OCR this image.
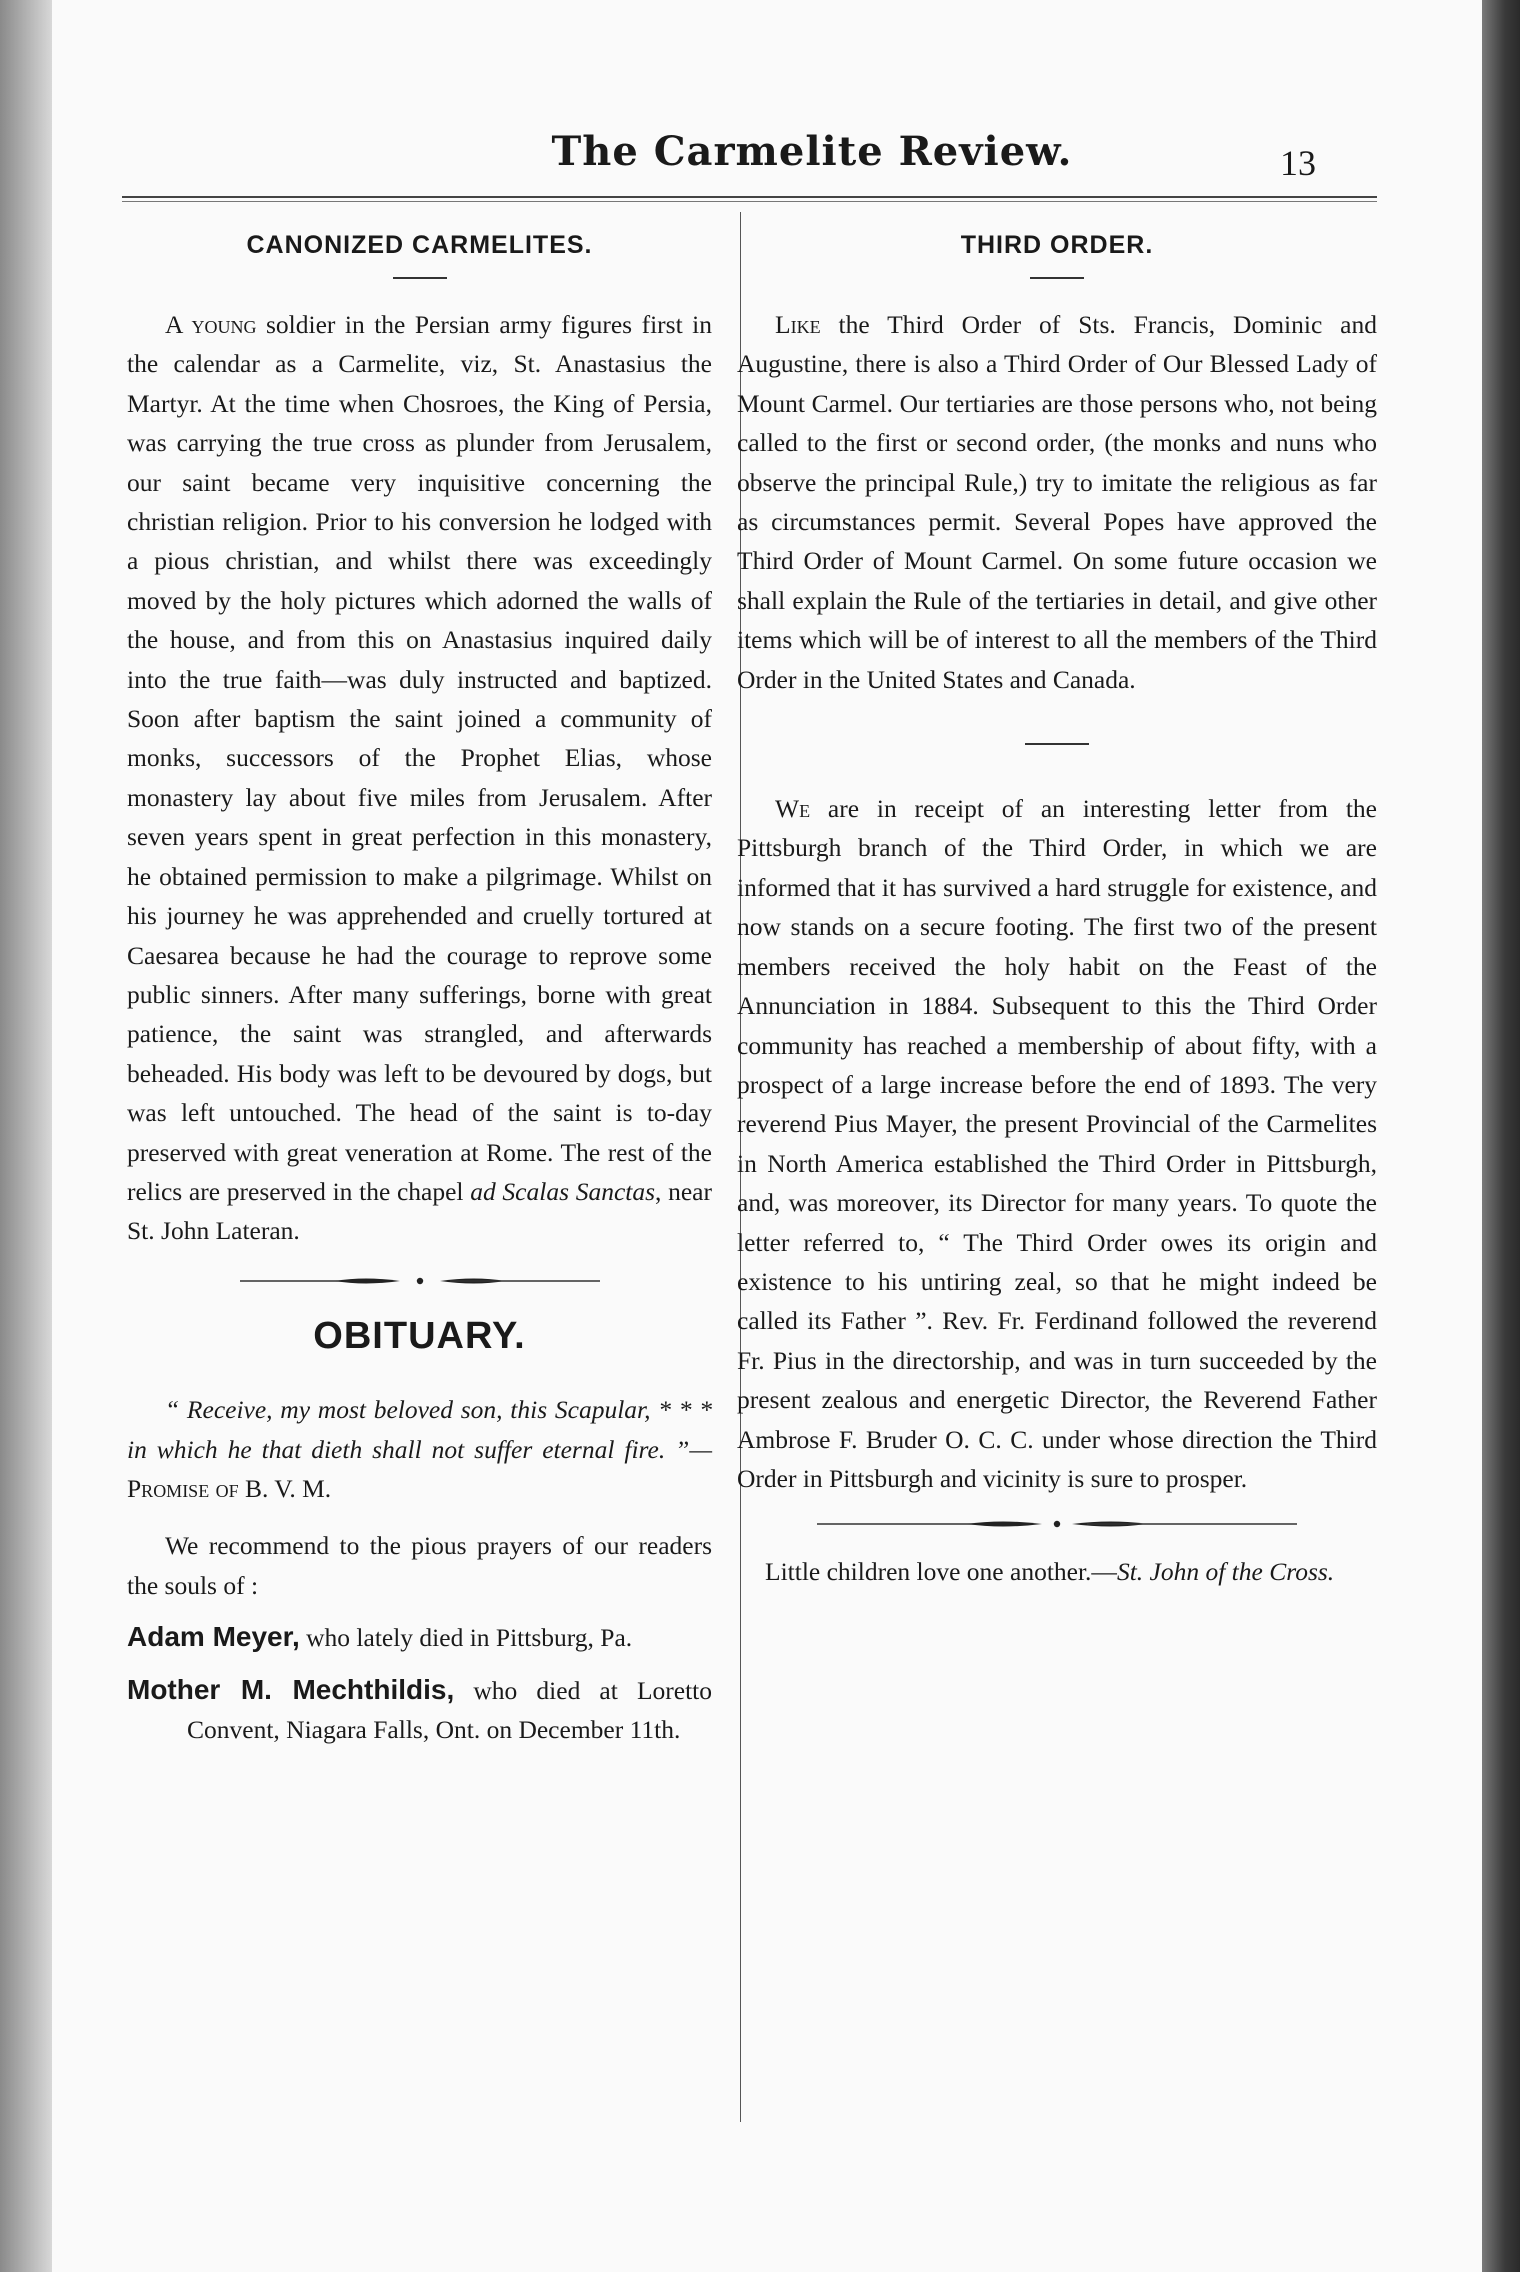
The Carmelite Review.	13
CANONIZED CARMELITES.

A young soldier in the Persian army figures first in the calendar as a Carmelite, viz, St. Anastasius the Martyr. At the time when Chosroes, the King of Persia, was carrying the true cross as plunder from Jerusalem, our saint became very inquisitive concerning the christian religion. Prior to his conversion he lodged with a pious christian, and whilst there was exceedingly moved by the holy pictures which adorned the walls of the house, and from this on Anastasius inquired daily into the true faith—was duly instructed and baptized. Soon after baptism the saint joined a community of monks, successors of the Prophet Elias, whose monastery lay about five miles from Jerusalem. After seven years spent in great perfection in this monastery, he obtained permission to make a pilgrimage. Whilst on his journey he was apprehended and cruelly tortured at Caesarea because he had the courage to reprove some public sinners. After many sufferings, borne with great patience, the saint was strangled, and afterwards beheaded. His body was left to be devoured by dogs, but was left untouched. The head of the saint is to-day preserved with great veneration at Rome. The rest of the relics are preserved in the chapel ad Scalas Sanctas, near St. John Lateran.

OBITUARY.

“ Receive, my most beloved son, this Scapular, * * * in which he that dieth shall not suffer eternal fire. ”— Promise of B. V. M.

We recommend to the pious prayers of our readers the souls of :

Adam Meyer, who lately died in Pittsburg, Pa.

Mother M. Mechthildis, who died at Loretto Convent, Niagara Falls, Ont. on December 11th.

THIRD ORDER.

Like the Third Order of Sts. Francis, Dominic and Augustine, there is also a Third Order of Our Blessed Lady of Mount Carmel. Our tertiaries are those persons who, not being called to the first or second order, (the monks and nuns who observe the principal Rule,) try to imitate the religious as far as circumstances permit. Several Popes have approved the Third Order of Mount Carmel. On some future occasion we shall explain the Rule of the tertiaries in detail, and give other items which will be of interest to all the members of the Third Order in the United States and Canada.

We are in receipt of an interesting letter from the Pittsburgh branch of the Third Order, in which we are informed that it has survived a hard struggle for existence, and now stands on a secure footing. The first two of the present members received the holy habit on the Feast of the Annunciation in 1884. Subsequent to this the Third Order community has reached a membership of about fifty, with a prospect of a large increase before the end of 1893. The very reverend Pius Mayer, the present Provincial of the Carmelites in North America established the Third Order in Pittsburgh, and, was moreover, its Director for many years. To quote the letter referred to, “ The Third Order owes its origin and existence to his untiring zeal, so that he might indeed be called its Father ”. Rev. Fr. Ferdinand followed the reverend Fr. Pius in the directorship, and was in turn succeeded by the present zealous and energetic Director, the Reverend Father Ambrose F. Bruder O. C. C. under whose direction the Third Order in Pittsburgh and vicinity is sure to prosper.

Little children love one another.—St. John of the Cross.
